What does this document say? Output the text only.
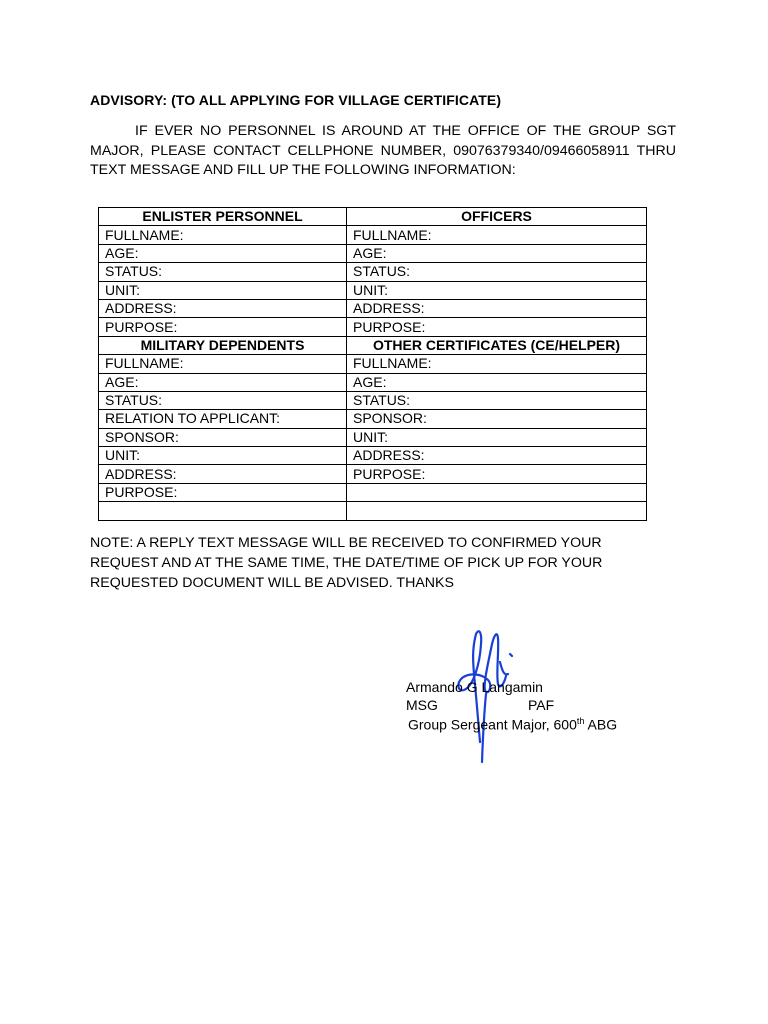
ADVISORY: (TO ALL APPLYING FOR VILLAGE CERTIFICATE)
IF EVER NO PERSONNEL IS AROUND AT THE OFFICE OF THE GROUP SGT MAJOR, PLEASE CONTACT CELLPHONE NUMBER, 09076379340/09466058911 THRU TEXT MESSAGE AND FILL UP THE FOLLOWING INFORMATION:
ENLISTER PERSONNEL	OFFICERS
FULLNAME:	FULLNAME:
AGE:	AGE:
STATUS:	STATUS:
UNIT:	UNIT:
ADDRESS:	ADDRESS:
PURPOSE:	PURPOSE:
MILITARY DEPENDENTS	OTHER CERTIFICATES (CE/HELPER)
FULLNAME:	FULLNAME:
AGE:	AGE:
STATUS:	STATUS:
RELATION TO APPLICANT:	SPONSOR:
SPONSOR:	UNIT:
UNIT:	ADDRESS:
ADDRESS:	PURPOSE:
PURPOSE:	

NOTE: A REPLY TEXT MESSAGE WILL BE RECEIVED TO CONFIRMED YOUR REQUEST AND AT THE SAME TIME, THE DATE/TIME OF PICK UP FOR YOUR REQUESTED DOCUMENT WILL BE ADVISED. THANKS
Armando G Langamin
MSG	PAF
Group Sergeant Major, 600th ABG
